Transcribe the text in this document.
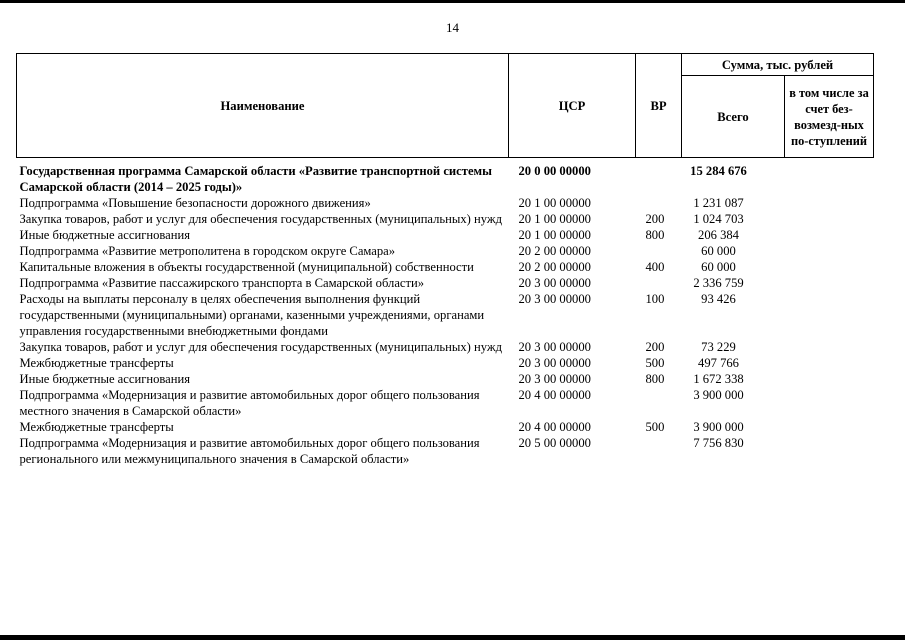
14
Наименование	ЦСР	ВР	Сумма, тыс. рублей	
			Всего	в том числе за счет без-возмезд-ных по-ступлений
Государственная программа Самарской области «Развитие транспортной системы Самарской области (2014 – 2025 годы)»	20 0 00 00000		15 284 676	
Подпрограмма «Повышение безопасности дорожного движения»	20 1 00 00000		1 231 087	
Закупка товаров, работ и услуг для обеспечения государственных (муниципальных) нужд	20 1 00 00000	200	1 024 703	
Иные бюджетные ассигнования	20 1 00 00000	800	206 384	
Подпрограмма «Развитие метрополитена в городском округе Самара»	20 2 00 00000		60 000	
Капитальные вложения в объекты государственной (муниципальной) собственности	20 2 00 00000	400	60 000	
Подпрограмма «Развитие пассажирского транспорта в Самарской области»	20 3 00 00000		2 336 759	
Расходы на выплаты персоналу в целях обеспечения выполнения функций государственными (муниципальными) органами, казенными учреждениями, органами управления государственными внебюджетными фондами	20 3 00 00000	100	93 426	
Закупка товаров, работ и услуг для обеспечения государственных (муниципальных) нужд	20 3 00 00000	200	73 229	
Межбюджетные трансферты	20 3 00 00000	500	497 766	
Иные бюджетные ассигнования	20 3 00 00000	800	1 672 338	
Подпрограмма «Модернизация и развитие автомобильных дорог общего пользования местного значения в Самарской области»	20 4 00 00000		3 900 000	
Межбюджетные трансферты	20 4 00 00000	500	3 900 000	
Подпрограмма «Модернизация и развитие автомобильных дорог общего пользования регионального или межмуниципального значения в Самарской области»	20 5 00 00000		7 756 830	
